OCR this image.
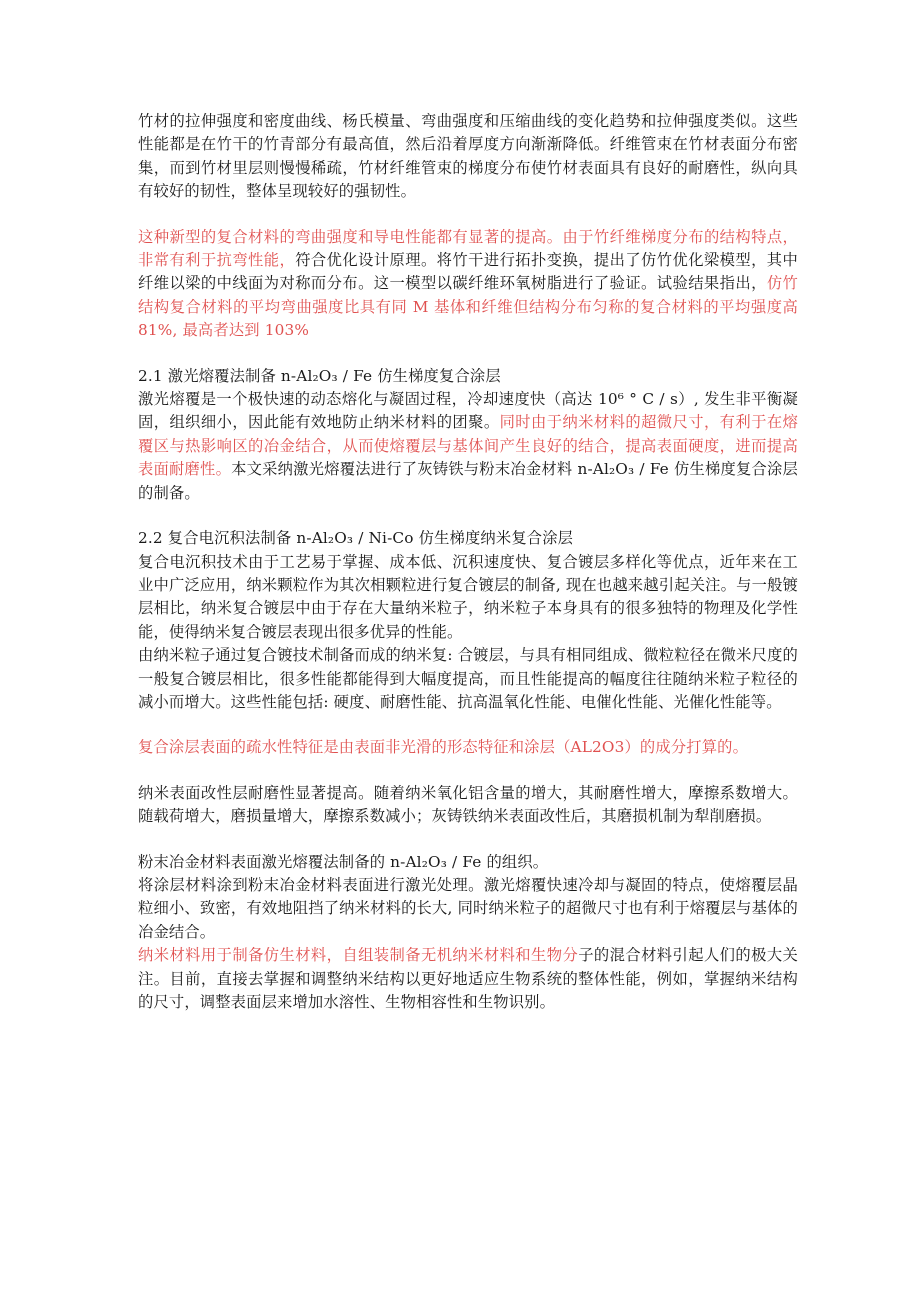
竹材的拉伸强度和密度曲线、杨氏模量、弯曲强度和压缩曲线的变化趋势和拉伸强度类似。这些性能都是在竹干的竹青部分有最高值，然后沿着厚度方向渐渐降低。纤维管束在竹材表面分布密集，而到竹材里层则慢慢稀疏，竹材纤维管束的梯度分布使竹材表面具有良好的耐磨性，纵向具有较好的韧性，整体呈现较好的强韧性。

这种新型的复合材料的弯曲强度和导电性能都有显著的提高。由于竹纤维梯度分布的结构特点，非常有利于抗弯性能，符合优化设计原理。将竹干进行拓扑变换，提出了仿竹优化梁模型，其中纤维以梁的中线面为对称而分布。这一模型以碳纤维环氧树脂进行了验证。试验结果指出，仿竹结构复合材料的平均弯曲强度比具有同 M 基体和纤维但结构分布匀称的复合材料的平均强度高 81%, 最高者达到 103%

2.1 激光熔覆法制备 n-Al₂O₃ / Fe 仿生梯度复合涂层

激光熔覆是一个极快速的动态熔化与凝固过程，冷却速度快（高达 10⁶ ° C / s）, 发生非平衡凝固，组织细小，因此能有效地防止纳米材料的团聚。同时由于纳米材料的超微尺寸，有利于在熔覆区与热影响区的冶金结合，从而使熔覆层与基体间产生良好的结合，提高表面硬度，进而提高表面耐磨性。本文采纳激光熔覆法进行了灰铸铁与粉末冶金材料 n-Al₂O₃ / Fe 仿生梯度复合涂层的制备。

2.2 复合电沉积法制备 n-Al₂O₃ / Ni-Co 仿生梯度纳米复合涂层

复合电沉积技术由于工艺易于掌握、成本低、沉积速度快、复合镀层多样化等优点，近年来在工业中广泛应用，纳米颗粒作为其次相颗粒进行复合镀层的制备, 现在也越来越引起关注。与一般镀层相比，纳米复合镀层中由于存在大量纳米粒子，纳米粒子本身具有的很多独特的物理及化学性能，使得纳米复合镀层表现出很多优异的性能。

由纳米粒子通过复合镀技术制备而成的纳米复: 合镀层，与具有相同组成、微粒粒径在微米尺度的一般复合镀层相比，很多性能都能得到大幅度提高，而且性能提高的幅度往往随纳米粒子粒径的减小而增大。这些性能包括: 硬度、耐磨性能、抗高温氧化性能、电催化性能、光催化性能等。

复合涂层表面的疏水性特征是由表面非光滑的形态特征和涂层（AL2O3）的成分打算的。

纳米表面改性层耐磨性显著提高。随着纳米氧化铝含量的增大，其耐磨性增大，摩擦系数增大。随载荷增大，磨损量增大，摩擦系数减小；灰铸铁纳米表面改性后，其磨损机制为犁削磨损。

粉末冶金材料表面激光熔覆法制备的 n-Al₂O₃ / Fe 的组织。

将涂层材料涂到粉末冶金材料表面进行激光处理。激光熔覆快速冷却与凝固的特点，使熔覆层晶粒细小、致密，有效地阻挡了纳米材料的长大, 同时纳米粒子的超微尺寸也有利于熔覆层与基体的冶金结合。

纳米材料用于制备仿生材料，自组装制备无机纳米材料和生物分子的混合材料引起人们的极大关注。目前，直接去掌握和调整纳米结构以更好地适应生物系统的整体性能，例如，掌握纳米结构的尺寸，调整表面层来增加水溶性、生物相容性和生物识别。
